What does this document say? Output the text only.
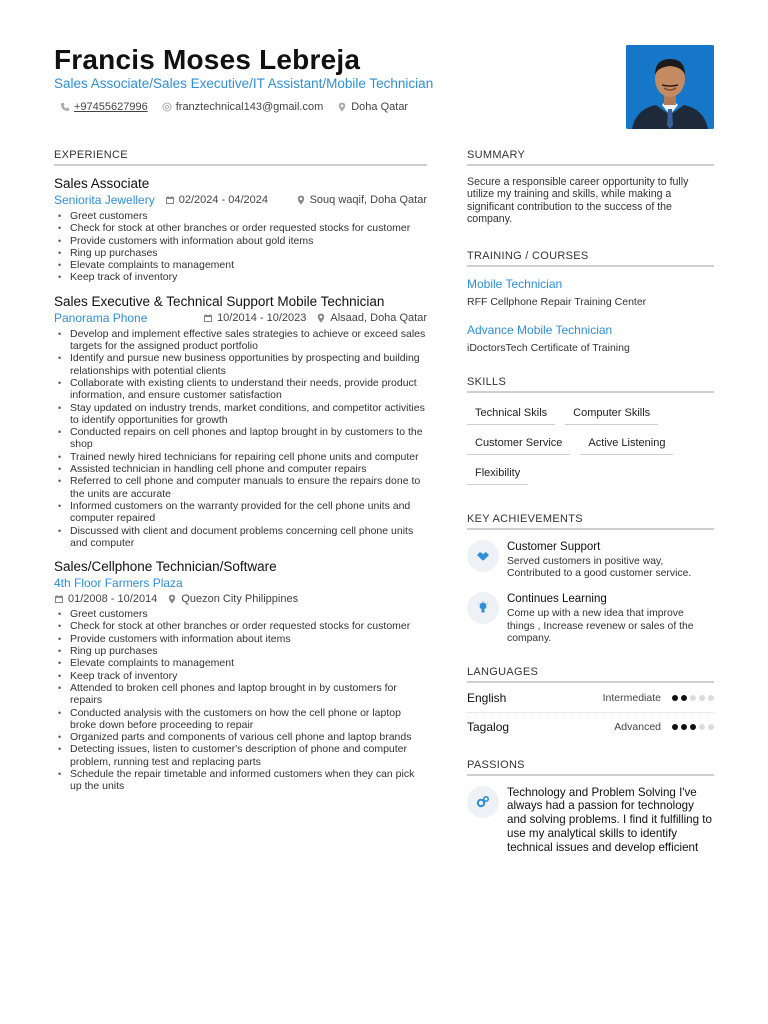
Francis Moses Lebreja
Sales Associate/Sales Executive/IT Assistant/Mobile Technician
+97455627996	franztechnical143@gmail.com	Doha Qatar
EXPERIENCE
Sales Associate
Seniorita Jewellery 02/2024 - 04/2024	Souq waqif, Doha Qatar
• Greet customers
• Check for stock at other branches or order requested stocks for customer
• Provide customers with information about gold items
• Ring up purchases
• Elevate complaints to management
• Keep track of inventory
Sales Executive & Technical Support Mobile Technician
Panorama Phone	10/2014 - 10/2023 Alsaad, Doha Qatar
• Develop and implement effective sales strategies to achieve or exceed sales targets for the assigned product portfolio
• Identify and pursue new business opportunities by prospecting and building relationships with potential clients
• Collaborate with existing clients to understand their needs, provide product information, and ensure customer satisfaction
• Stay updated on industry trends, market conditions, and competitor activities to identify opportunities for growth
• Conducted repairs on cell phones and laptop brought in by customers to the shop
• Trained newly hired technicians for repairing cell phone units and computer
• Assisted technician in handling cell phone and computer repairs
• Referred to cell phone and computer manuals to ensure the repairs done to the units are accurate
• Informed customers on the warranty provided for the cell phone units and computer repaired
• Discussed with client and document problems concerning cell phone units and computer
Sales/Cellphone Technician/Software
4th Floor Farmers Plaza
01/2008 - 10/2014 Quezon City Philippines
• Greet customers
• Check for stock at other branches or order requested stocks for customer
• Provide customers with information about items
• Ring up purchases
• Elevate complaints to management
• Keep track of inventory
• Attended to broken cell phones and laptop brought in by customers for repairs
• Conducted analysis with the customers on how the cell phone or laptop broke down before proceeding to repair
• Organized parts and components of various cell phone and laptop brands
• Detecting issues, listen to customer's description of phone and computer problem, running test and replacing parts
• Schedule the repair timetable and informed customers when they can pick up the units
SUMMARY
Secure a responsible career opportunity to fully utilize my training and skills, while making a significant contribution to the success of the company.
TRAINING / COURSES
Mobile Technician
RFF Cellphone Repair Training Center
Advance Mobile Technician
iDoctorsTech Certificate of Training
SKILLS
Technical Skils	Computer Skills
Customer Service	Active Listening
Flexibility
KEY ACHIEVEMENTS
Customer Support
Served customers in positive way, Contributed to a good customer service.
Continues Learning
Come up with a new idea that improve things , Increase revenew or sales of the company.
LANGUAGES
English	Intermediate
Tagalog	Advanced
PASSIONS
Technology and Problem Solving I've always had a passion for technology and solving problems. I find it fulfilling to use my analytical skills to identify technical issues and develop efficient
